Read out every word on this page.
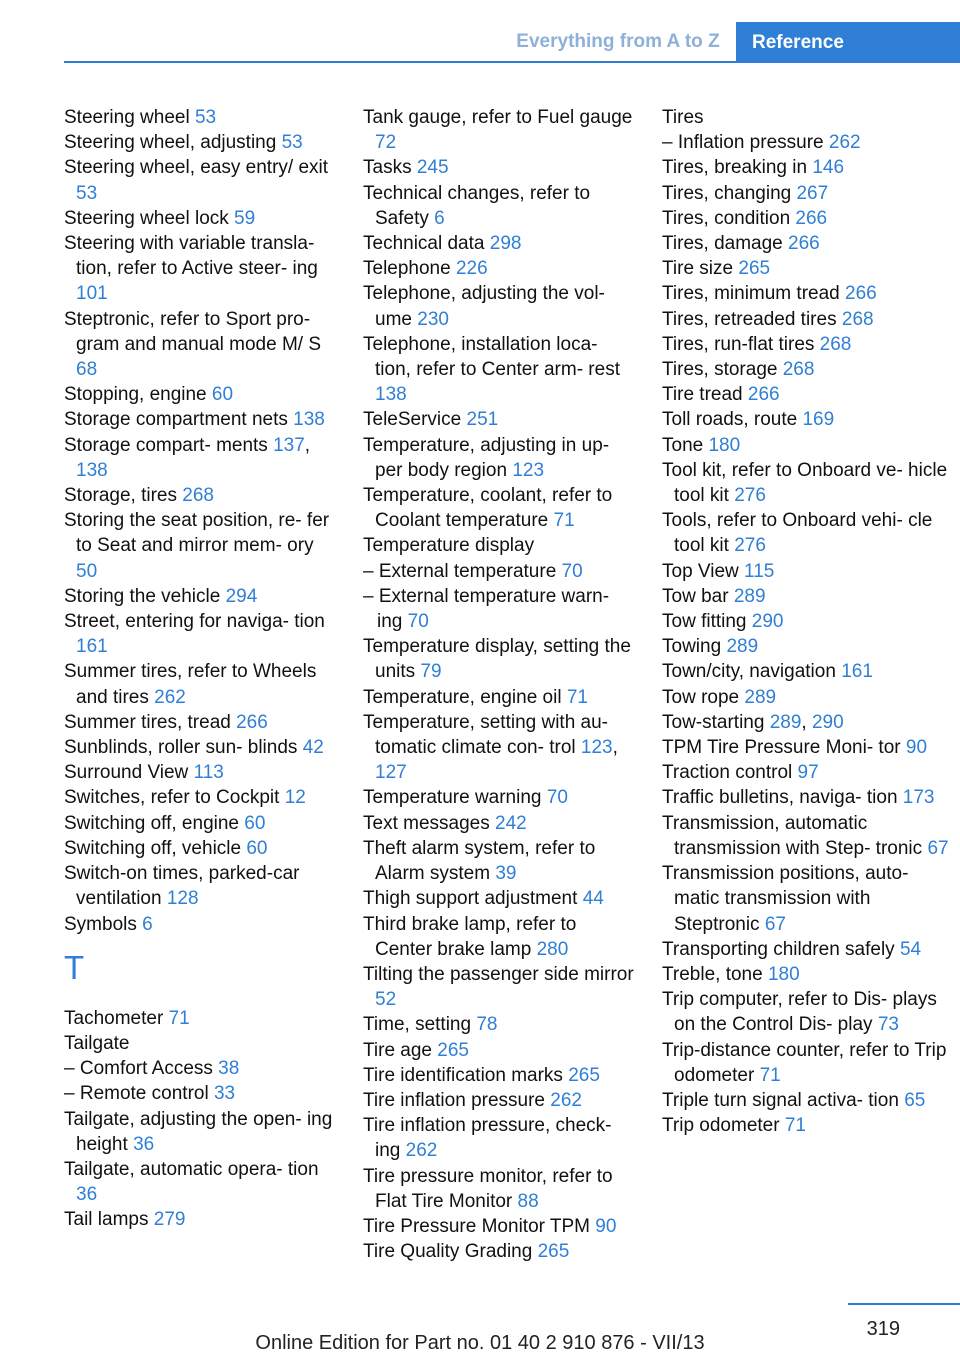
Everything from A to Z	Reference
Steering wheel 53
Steering wheel, adjusting 53
Steering wheel, easy entry/ exit 53
Steering wheel lock 59
Steering with variable transla- tion, refer to Active steer- ing 101
Steptronic, refer to Sport pro- gram and manual mode M/ S 68
Stopping, engine 60
Storage compartment nets 138
Storage compart- ments 137, 138
Storage, tires 268
Storing the seat position, re- fer to Seat and mirror mem- ory 50
Storing the vehicle 294
Street, entering for naviga- tion 161
Summer tires, refer to Wheels and tires 262
Summer tires, tread 266
Sunblinds, roller sun- blinds 42
Surround View 113
Switches, refer to Cockpit 12
Switching off, engine 60
Switching off, vehicle 60
Switch-on times, parked-car ventilation 128
Symbols 6
T
Tachometer 71
Tailgate
– Comfort Access 38
– Remote control 33
Tailgate, adjusting the open- ing height 36
Tailgate, automatic opera- tion 36
Tail lamps 279
Tank gauge, refer to Fuel gauge 72
Tasks 245
Technical changes, refer to Safety 6
Technical data 298
Telephone 226
Telephone, adjusting the vol- ume 230
Telephone, installation loca- tion, refer to Center arm- rest 138
TeleService 251
Temperature, adjusting in up- per body region 123
Temperature, coolant, refer to Coolant temperature 71
Temperature display
– External temperature 70
– External temperature warn- ing 70
Temperature display, setting the units 79
Temperature, engine oil 71
Temperature, setting with au- tomatic climate con- trol 123, 127
Temperature warning 70
Text messages 242
Theft alarm system, refer to Alarm system 39
Thigh support adjustment 44
Third brake lamp, refer to Center brake lamp 280
Tilting the passenger side mirror 52
Time, setting 78
Tire age 265
Tire identification marks 265
Tire inflation pressure 262
Tire inflation pressure, check- ing 262
Tire pressure monitor, refer to Flat Tire Monitor 88
Tire Pressure Monitor TPM 90
Tire Quality Grading 265
Tires
– Inflation pressure 262
Tires, breaking in 146
Tires, changing 267
Tires, condition 266
Tires, damage 266
Tire size 265
Tires, minimum tread 266
Tires, retreaded tires 268
Tires, run-flat tires 268
Tires, storage 268
Tire tread 266
Toll roads, route 169
Tone 180
Tool kit, refer to Onboard ve- hicle tool kit 276
Tools, refer to Onboard vehi- cle tool kit 276
Top View 115
Tow bar 289
Tow fitting 290
Towing 289
Town/city, navigation 161
Tow rope 289
Tow-starting 289, 290
TPM Tire Pressure Moni- tor 90
Traction control 97
Traffic bulletins, naviga- tion 173
Transmission, automatic transmission with Step- tronic 67
Transmission positions, auto- matic transmission with Steptronic 67
Transporting children safely 54
Treble, tone 180
Trip computer, refer to Dis- plays on the Control Dis- play 73
Trip-distance counter, refer to Trip odometer 71
Triple turn signal activa- tion 65
Trip odometer 71
319
Online Edition for Part no. 01 40 2 910 876 - VII/13
